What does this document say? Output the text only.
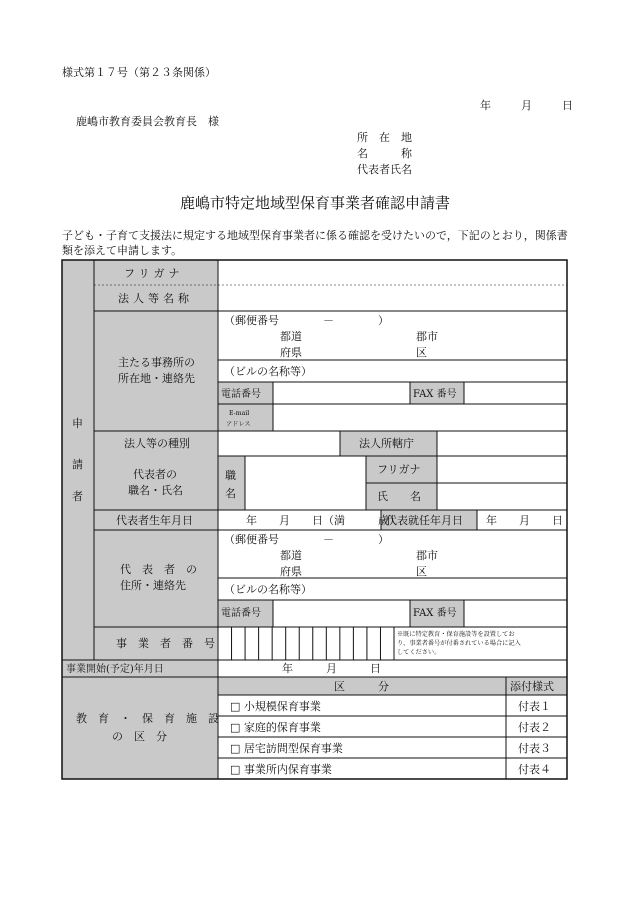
様式第１７号（第２３条関係）
年	月	日
鹿嶋市教育委員会教育長　様
所　在　地
名　　　称
代表者氏名
鹿嶋市特定地域型保育事業者確認申請書
子ども・子育て支援法に規定する地域型保育事業者に係る確認を受けたいので，下記のとおり，関係書類を添えて申請します。
申
請
者
フリガナ
法人等名称
主たる事務所の
所在地・連絡先
（郵便番号　　　　－　　　　）
都道
府県
郡市
区
（ビルの名称等）
電話番号	FAX 番号
E-mail
アドレス
法人等の種別	法人所轄庁
代表者の
職名・氏名
職
名
フリガナ
氏　　名
代表者生年月日	年　　月　　日（満　　　歳）
代表就任年月日 年　　月　　日
代　表　者　の
住所・連絡先
（郵便番号　　　　－　　　　）
都道
府県
郡市
区
（ビルの名称等）
電話番号	FAX 番号
事　業　者　番　号
※既に特定教育・保育施設等を設置してお
り，事業者番号が付番されている場合に記入
してください。
事業開始(予定)年月日	年　　　月　　　日
教　育　・　保　育　施　設
の　区　分
区　　　分	添付様式
□ 小規模保育事業	付表１
□ 家庭的保育事業	付表２
□ 居宅訪問型保育事業	付表３
□ 事業所内保育事業	付表４
